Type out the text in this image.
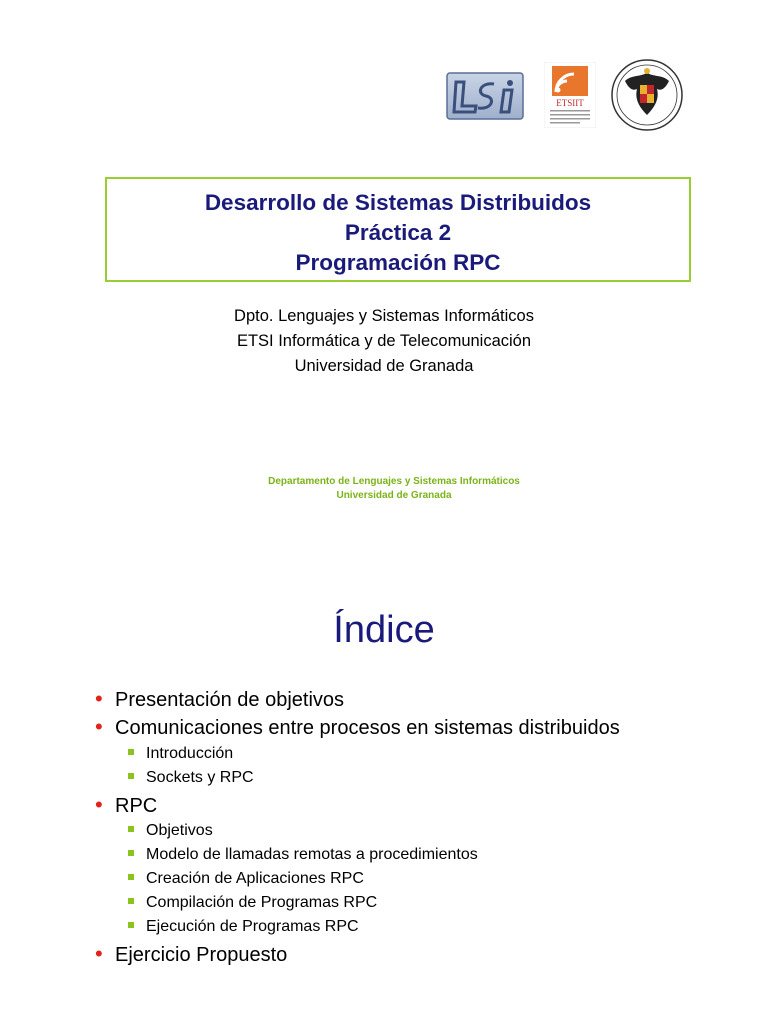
ETSIIT
Desarrollo de Sistemas Distribuidos
Práctica 2
Programación RPC
Dpto. Lenguajes y Sistemas Informáticos
ETSI Informática y de Telecomunicación
Universidad de Granada
Departamento de Lenguajes y Sistemas Informáticos
Universidad de Granada
Índice
• Presentación de objetivos
• Comunicaciones entre procesos en sistemas distribuidos
Introducción
Sockets y RPC
• RPC
Objetivos
Modelo de llamadas remotas a procedimientos
Creación de Aplicaciones RPC
Compilación de Programas RPC
Ejecución de Programas RPC
• Ejercicio Propuesto
